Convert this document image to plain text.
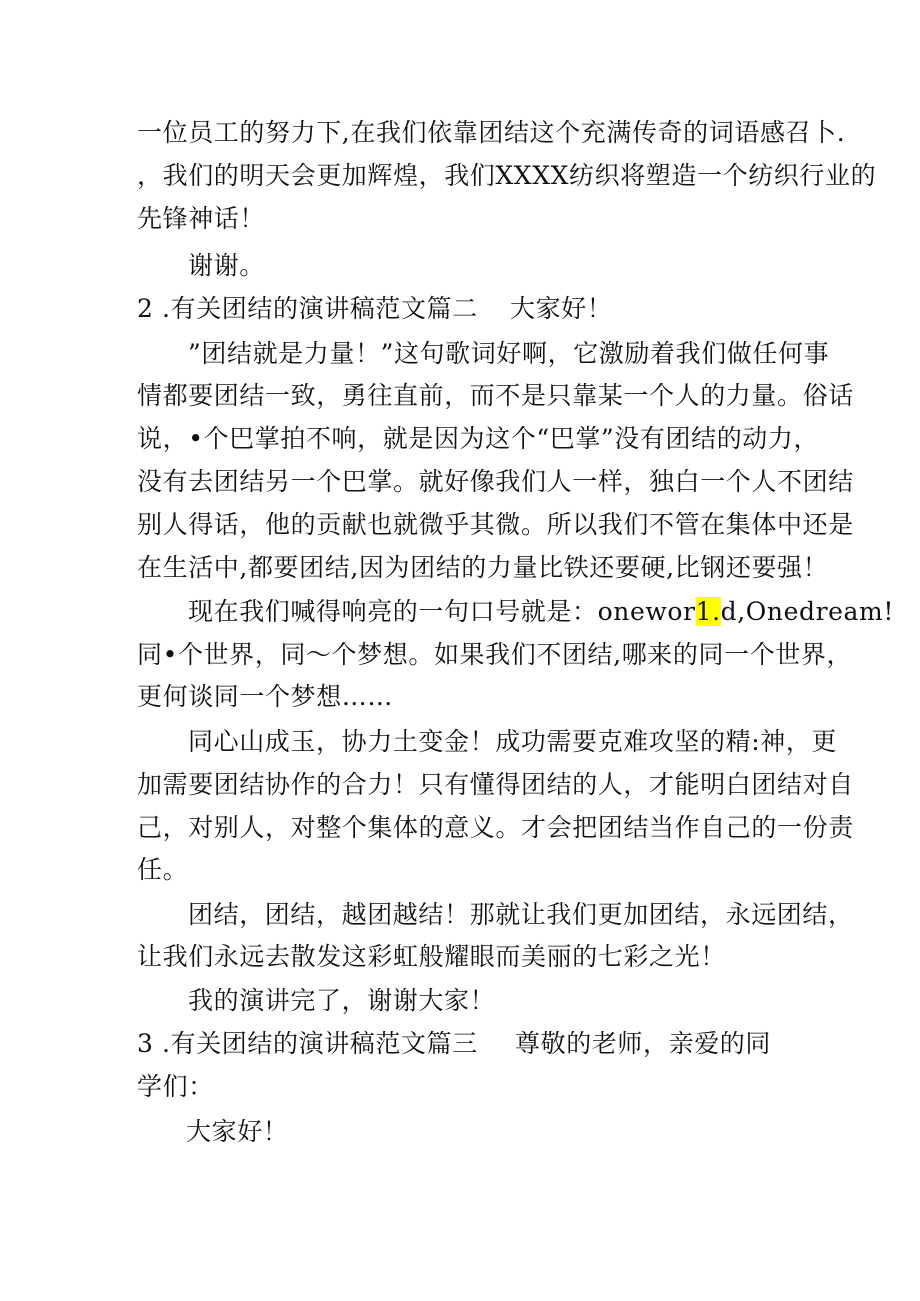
一位员工的努力下,在我们依靠团结这个充满传奇的词语感召卜.
，我们的明天会更加辉煌，我们XXXX纺织将塑造一个纺织行业的
先锋神话！
谢谢。
2 .有关团结的演讲稿范文篇二 大家好！
”团结就是力量！”这句歌词好啊，它激励着我们做任何事
情都要团结一致，勇往直前，而不是只靠某一个人的力量。俗话
说，•个巴掌拍不响，就是因为这个“巴掌”没有团结的动力，
没有去团结另一个巴掌。就好像我们人一样，独白一个人不团结
别人得话，他的贡献也就微乎其微。所以我们不管在集体中还是
在生活中,都要团结,因为团结的力量比铁还要硬,比钢还要强！
现在我们喊得响亮的一句口号就是：onewor1.d,Onedream!
同•个世界，同〜个梦想。如果我们不团结,哪来的同一个世界，
更何谈同一个梦想……
同心山成玉，协力土变金！成功需要克难攻坚的精:神，更
加需要团结协作的合力！只有懂得团结的人，才能明白团结对自
己，对别人，对整个集体的意义。才会把团结当作自己的一份责
任。
团结，团结，越团越结！那就让我们更加团结，永远团结，
让我们永远去散发这彩虹般耀眼而美丽的七彩之光！
我的演讲完了，谢谢大家！
3 .有关团结的演讲稿范文篇三 尊敬的老师，亲爱的同
学们：
大家好！
